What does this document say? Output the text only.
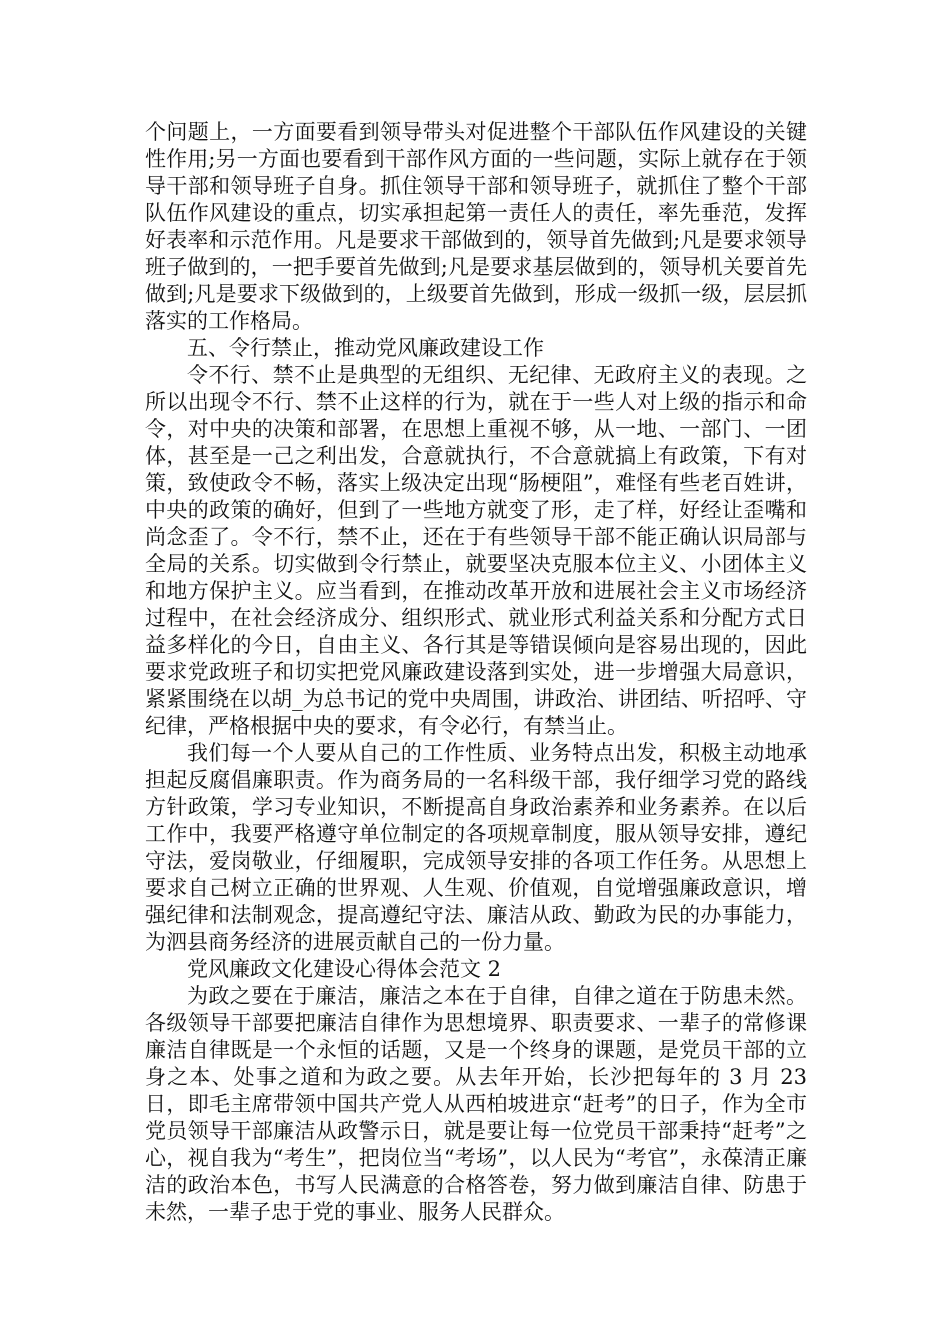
个问题上，一方面要看到领导带头对促进整个干部队伍作风建设的关键性作用;另一方面也要看到干部作风方面的一些问题，实际上就存在于领导干部和领导班子自身。抓住领导干部和领导班子，就抓住了整个干部队伍作风建设的重点，切实承担起第一责任人的责任，率先垂范，发挥好表率和示范作用。凡是要求干部做到的，领导首先做到;凡是要求领导班子做到的，一把手要首先做到;凡是要求基层做到的，领导机关要首先做到;凡是要求下级做到的，上级要首先做到，形成一级抓一级，层层抓落实的工作格局。

五、令行禁止，推动党风廉政建设工作

令不行、禁不止是典型的无组织、无纪律、无政府主义的表现。之所以出现令不行、禁不止这样的行为，就在于一些人对上级的指示和命令，对中央的决策和部署，在思想上重视不够，从一地、一部门、一团体，甚至是一己之利出发，合意就执行，不合意就搞上有政策，下有对策，致使政令不畅，落实上级决定出现“肠梗阻”，难怪有些老百姓讲，中央的政策的确好，但到了一些地方就变了形，走了样，好经让歪嘴和尚念歪了。令不行，禁不止，还在于有些领导干部不能正确认识局部与全局的关系。切实做到令行禁止，就要坚决克服本位主义、小团体主义和地方保护主义。应当看到，在推动改革开放和进展社会主义市场经济过程中，在社会经济成分、组织形式、就业形式利益关系和分配方式日益多样化的今日，自由主义、各行其是等错误倾向是容易出现的，因此要求党政班子和切实把党风廉政建设落到实处，进一步增强大局意识，紧紧围绕在以胡_为总书记的党中央周围，讲政治、讲团结、听招呼、守纪律，严格根据中央的要求，有令必行，有禁当止。

我们每一个人要从自己的工作性质、业务特点出发，积极主动地承担起反腐倡廉职责。作为商务局的一名科级干部，我仔细学习党的路线方针政策，学习专业知识，不断提高自身政治素养和业务素养。在以后工作中，我要严格遵守单位制定的各项规章制度，服从领导安排，遵纪守法，爱岗敬业，仔细履职，完成领导安排的各项工作任务。从思想上要求自己树立正确的世界观、人生观、价值观，自觉增强廉政意识，增强纪律和法制观念，提高遵纪守法、廉洁从政、勤政为民的办事能力，为泗县商务经济的进展贡献自己的一份力量。

党风廉政文化建设心得体会范文 2

为政之要在于廉洁，廉洁之本在于自律，自律之道在于防患未然。各级领导干部要把廉洁自律作为思想境界、职责要求、一辈子的常修课廉洁自律既是一个永恒的话题，又是一个终身的课题，是党员干部的立身之本、处事之道和为政之要。从去年开始，长沙把每年的 3 月 23 日，即毛主席带领中国共产党人从西柏坡进京“赶考”的日子，作为全市党员领导干部廉洁从政警示日，就是要让每一位党员干部秉持“赶考”之心，视自我为“考生”，把岗位当“考场”，以人民为“考官”，永葆清正廉洁的政治本色，书写人民满意的合格答卷，努力做到廉洁自律、防患于未然，一辈子忠于党的事业、服务人民群众。
